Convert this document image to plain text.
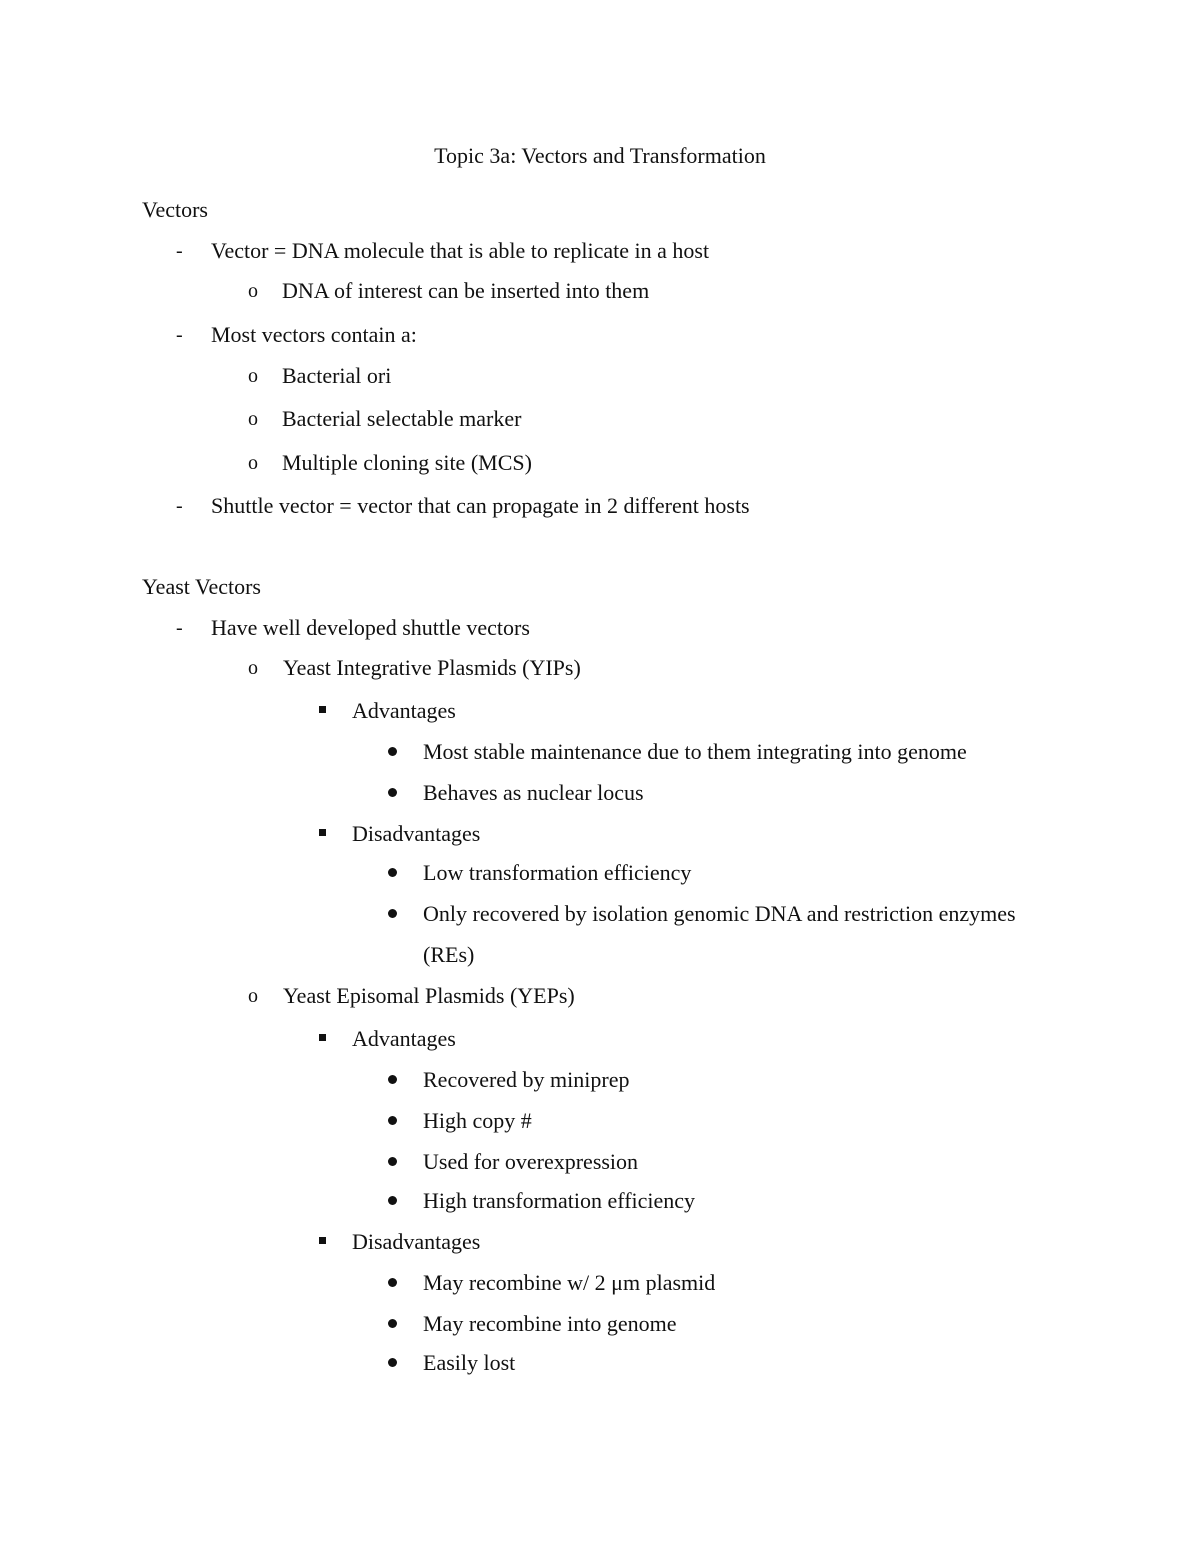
Topic 3a: Vectors and Transformation
Vectors
- Vector = DNA molecule that is able to replicate in a host
o DNA of interest can be inserted into them
- Most vectors contain a:
o Bacterial ori
o Bacterial selectable marker
o Multiple cloning site (MCS)
- Shuttle vector = vector that can propagate in 2 different hosts
Yeast Vectors
- Have well developed shuttle vectors
o Yeast Integrative Plasmids (YIPs)
Advantages
Most stable maintenance due to them integrating into genome
Behaves as nuclear locus
Disadvantages
Low transformation efficiency
Only recovered by isolation genomic DNA and restriction enzymes
(REs)
o Yeast Episomal Plasmids (YEPs)
Advantages
Recovered by miniprep
High copy #
Used for overexpression
High transformation efficiency
Disadvantages
May recombine w/ 2 μm plasmid
May recombine into genome
Easily lost
